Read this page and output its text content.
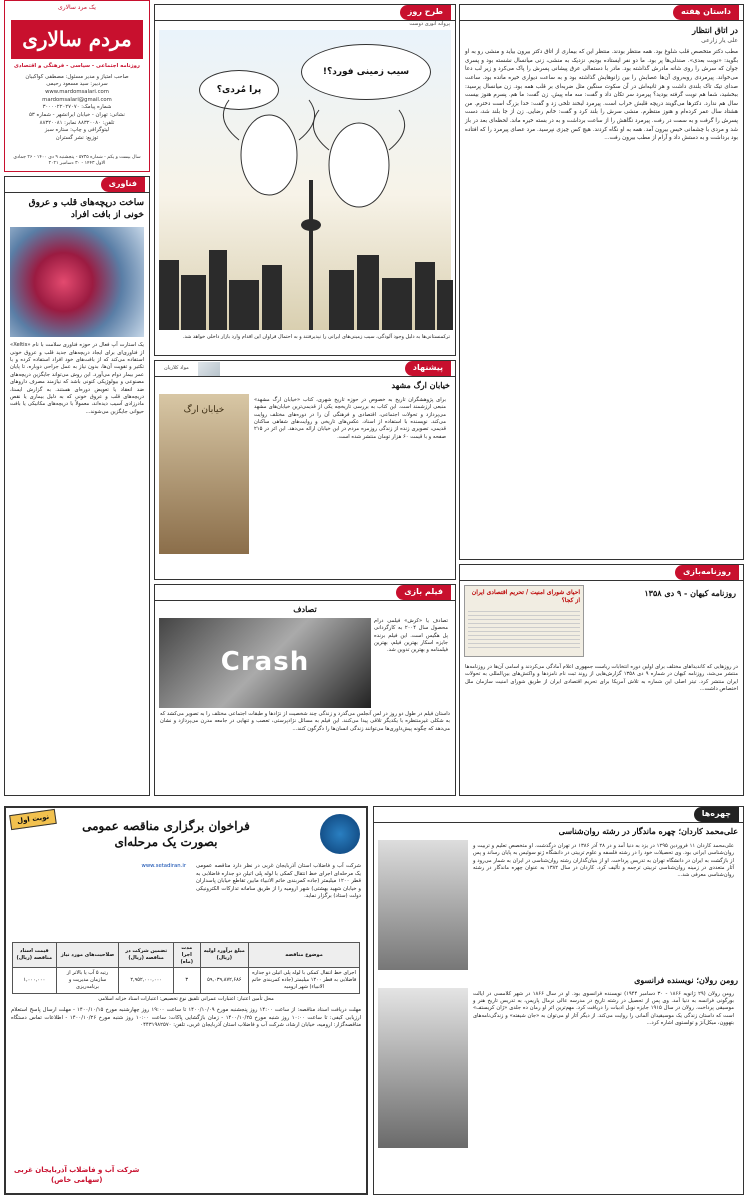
یک مرد سالاری
مردم سالاری
روزنامه اجتماعی - سیاسی - فرهنگی و اقتصادی
صاحب امتیاز و مدیر مسئول: مصطفی کواکبیان
سردبیر: سید مسعود رحیمی
www.mardomsalari.com
mardomsalari@gmail.com
شماره پیامک: ۳۰۰۰۰۲۲۰۲۷۰۷۰
نشانی: تهران - خیابان ایرانشهر - شماره ۵۳
تلفن: ۸۸۳۲۰۰۸۰ نمابر: ۸۸۳۲۰۰۸۱
لیتوگرافی و چاپ: ستاره سبز
توزیع: نشر گستران
سال بیست و یکم - شماره ۵۷۳۵ - پنجشنبه ۹ دی ۱۴۰۰ - ۲۶ جمادی الاول ۱۴۴۳ - ۳۰ دسامبر ۲۰۲۱
فناوری
ساخت درپچه‌های قلب و عروق خونی از بافت افراد
یک استارت آپ فعال در حوزه فناوری سلامت با نام «Xeltis» از فناوری‌ای برای ایجاد دریچه‌های جدید قلب و عروق خونی استفاده می‌کند که از بافت‌های خود افراد استفاده کرده و با تکثیر و تقویت آن‌ها، بدون نیاز به عمل جراحی دوباره، تا پایان عمر بیمار دوام می‌آورد. این روش می‌تواند جایگزین دریچه‌های مصنوعی و بیولوژیکی کنونی باشد که نیازمند مصرف داروهای ضد انعقاد یا تعویض دوره‌ای هستند. به گزارش ایسنا، دریچه‌های قلب و عروق خونی که به دلیل بیماری یا نقص مادرزادی آسیب دیده‌اند، معمولاً با دریچه‌های مکانیکی یا بافت حیوانی جایگزین می‌شوند...
طرح روز
پروانه انوری دوست
سیب زمینی فورد؟!
پرا مُردی؟
ترکمنستانی‌ها به دلیل وجود آلودگی، سیب زمینی‌های ایرانی را نپذیرفتند و به احتمال فراوان این اقدام وارد بازار داخلی خواهد شد.
پیشنهاد
مواد کلاریان
خیابان ارگ مشهد
خیابان ارگ
برای پژوهشگران تاریخ به خصوص در حوزه تاریخ شهری، کتاب «خیابان ارگ مشهد» منبعی ارزشمند است. این کتاب به بررسی تاریخچه یکی از قدیمی‌ترین خیابان‌های مشهد می‌پردازد و تحولات اجتماعی، اقتصادی و فرهنگی آن را در دوره‌های مختلف روایت می‌کند. نویسنده با استفاده از اسناد، عکس‌های تاریخی و روایت‌های شفاهی ساکنان قدیمی، تصویری زنده از زندگی روزمره مردم در این خیابان ارائه می‌دهد. این اثر در ۲۱۵ صفحه و با قیمت ۶۰ هزار تومان منتشر شده است.
فیلم بازی
تصادف
تصادف یا «کرش» فیلمی درام محصول سال ۲۰۰۴ به کارگردانی پل هگیس است. این فیلم برنده جایزه اسکار بهترین فیلم، بهترین فیلمنامه و بهترین تدوین شد.
Crash
داستان فیلم در طول دو روز در لس آنجلس می‌گذرد و زندگی چند شخصیت از نژادها و طبقات اجتماعی مختلف را به تصویر می‌کشد که به شکلی غیرمنتظره با یکدیگر تلاقی پیدا می‌کنند. این فیلم به مسائل نژادپرستی، تعصب و تنهایی در جامعه مدرن می‌پردازد و نشان می‌دهد که چگونه پیش‌داوری‌ها می‌توانند زندگی انسان‌ها را دگرگون کنند...
داستان هفته
در اتاق انتظار
علی یار زارعی
مطب دکتر متخصص قلب شلوغ بود. همه منتظر بودند. منتظر این که بیماری از اتاق دکتر بیرون بیاید و منشی رو به او بگوید: «نوبت بعدی». صندلی‌ها پر بود. ما دو نفر ایستاده بودیم. نزدیک به منشی، زنی میانسال نشسته بود و پسری جوان که سرش را روی شانه مادرش گذاشته بود. مادر با دستمالی عرق پیشانی پسرش را پاک می‌کرد و زیر لب دعا می‌خواند. پیرمردی روبه‌روی آن‌ها عصایش را بین زانوهایش گذاشته بود و به ساعت دیواری خیره مانده بود. ساعت صدای تیک تاک بلندی داشت و هر ثانیه‌اش در آن سکوت سنگین مثل ضربه‌ای بر قلب همه بود. زن میانسال پرسید: ببخشید، شما هم نوبت گرفته بودید؟ پیرمرد سر تکان داد و گفت: سه ماه پیش. زن گفت: ما هم. پسرم هنوز بیست سال هم ندارد. دکترها می‌گویند دریچه قلبش خراب است. پیرمرد لبخند تلخی زد و گفت: خدا بزرگ است دخترم. من هشتاد سال عمر کرده‌ام و هنوز منتظرم. منشی سرش را بلند کرد و گفت: خانم رضایی. زن از جا بلند شد، دست پسرش را گرفت و به سمت در رفت. پیرمرد نگاهش را از ساعت برداشت و به در بسته خیره ماند. لحظه‌ای بعد در باز شد و مردی با چشمانی خیس بیرون آمد. همه به او نگاه کردند. هیچ کس چیزی نپرسید. مرد عصای پیرمرد را که افتاده بود برداشت و به دستش داد و آرام از مطب بیرون رفت...
روزنامه‌بازی
روزنامه کیهان - ۹ دی ۱۳۵۸
احیای شورای امنیت / تحریم اقتصادی ایران از کجا؟
در روزهایی که کاندیداهای مختلف برای اولین دوره انتخابات ریاست جمهوری اعلام آمادگی می‌کردند و اسامی آن‌ها در روزنامه‌ها منتشر می‌شد، روزنامه کیهان در شماره ۹ دی ۱۳۵۸ گزارش‌هایی از روند ثبت نام نامزدها و واکنش‌های بین‌المللی به تحولات ایران منتشر کرد. تیتر اصلی این شماره به تلاش آمریکا برای تحریم اقتصادی ایران از طریق شورای امنیت سازمان ملل اختصاص داشت...
نوبت اول	فراخوان برگزاری مناقصه عمومی
بصورت یک مرحله‌ای
شرکت آب و فاضلاب استان آذربایجان غربی در نظر دارد مناقصه عمومی یک مرحله‌ای اجرای خط انتقال کمکی با لوله پلی اتیلن دو جداره فاضلابی به قطر ۱۲۰۰ میلیمتر (جاده کمربندی خاتم الانبیاء مابین تقاطع خیابان پاسداران و خیابان شهید بهشتی) شهر ارومیه را از طریق سامانه تدارکات الکترونیکی دولت (ستاد) برگزار نماید.
www.setadiran.ir
موضوع مناقصه	مبلغ برآورد اولیه (ریال)	مدت اجرا (ماه)	تضمین شرکت در مناقصه (ریال)	صلاحیت‌های مورد نیاز	قیمت اسناد مناقصه (ریال)
اجرای خط انتقال کمکی با لوله پلی اتیلن دو جداره فاضلابی به قطر ۱۲۰۰ میلیمتر (جاده کمربندی خاتم الانبیاء) شهر ارومیه	۵۹,۰۳۹,۸۷۲,۶۸۶	۳	۲,۹۵۲,۰۰۰,۰۰۰	رتبه ۵ آب یا بالاتر از سازمان مدیریت و برنامه‌ریزی	۱,۰۰۰,۰۰۰
محل تأمین اعتبار: اعتبارات عمرانی تلفیق نوع تخصیص: اعتبارات اسناد خزانه اسلامی
مهلت دریافت اسناد مناقصه: از ساعت ۱۴:۰۰ روز پنجشنبه مورخ ۱۴۰۰/۱۰/۰۹ تا ساعت ۱۹:۰۰ روز چهارشنبه مورخ ۱۴۰۰/۱۰/۱۵ - مهلت ارسال پاسخ استعلام ارزیابی کیفی: تا ساعت ۱۰:۰۰ روز شنبه مورخ ۱۴۰۰/۱۰/۲۵ - زمان بازگشایی پاکات: ساعت ۱۰:۰۰ روز شنبه مورخ ۱۴۰۰/۱۰/۲۶ - اطلاعات تماس دستگاه مناقصه‌گزار: ارومیه، خیابان ارشاد، شرکت آب و فاضلاب استان آذربایجان غربی، تلفن: ۰۴۴۳۱۹۸۲۵۷۰
شرکت آب و فاضلاب آذربایجان غربی
(سهامی خاص)
چهره‌ها
علی‌محمد کاردان؛ چهره ماندگار در رشته روان‌شناسی
علی‌محمد کاردان ۱۱ فروردین ۱۲۹۵ در یزد به دنیا آمد و در ۲۸ آذر ۱۳۸۶ در تهران درگذشت. او متخصص تعلیم و تربیت و روان‌شناسی ایرانی بود. وی تحصیلات خود را در رشته فلسفه و علوم تربیتی در دانشگاه ژنو سوئیس به پایان رساند و پس از بازگشت به ایران در دانشگاه تهران به تدریس پرداخت. او از بنیان‌گذاران رشته روان‌شناسی در ایران به شمار می‌رود و آثار متعددی در زمینه روان‌شناسی تربیتی ترجمه و تألیف کرد. کاردان در سال ۱۳۸۲ به عنوان چهره ماندگار در رشته روان‌شناسی معرفی شد...
رومن رولان؛ نویسنده فرانسوی
رومن رولان (۲۹ ژانویه ۱۸۶۶ - ۳۰ دسامبر ۱۹۴۴) نویسنده فرانسوی بود. او در سال ۱۸۶۶ در شهر کلامسی در ایالت بورگونی فرانسه به دنیا آمد. وی پس از تحصیل در رشته تاریخ در مدرسه عالی نرمال پاریس، به تدریس تاریخ هنر و موسیقی پرداخت. رولان در سال ۱۹۱۵ جایزه نوبل ادبیات را دریافت کرد. مهم‌ترین اثر او رمان ده جلدی «ژان کریستف» است که داستان زندگی یک موسیقیدان آلمانی را روایت می‌کند. از دیگر آثار او می‌توان به «جان شیفته» و زندگی‌نامه‌های بتهوون، میکل‌آنژ و تولستوی اشاره کرد...
